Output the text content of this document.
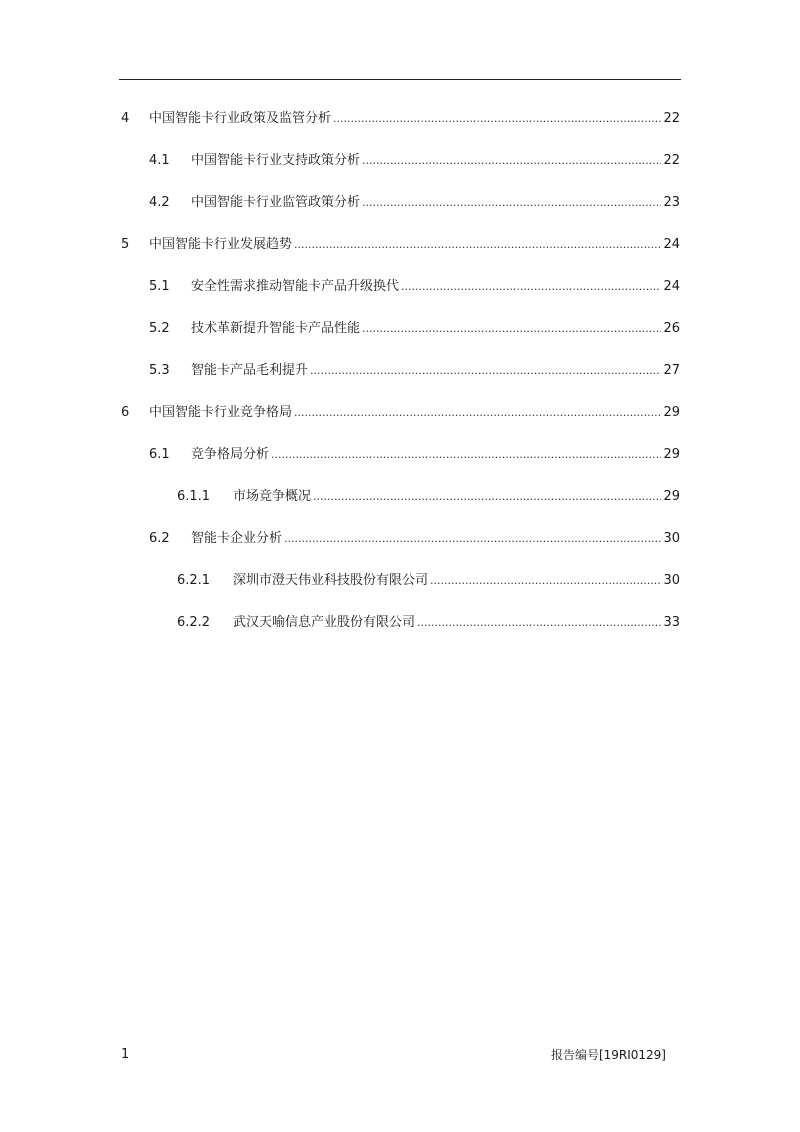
4 中国智能卡行业政策及监管分析 .....	22
4.1 中国智能卡行业支持政策分析 .....	22
4.2 中国智能卡行业监管政策分析 .....	23
5 中国智能卡行业发展趋势 .....	24
5.1 安全性需求推动智能卡产品升级换代 .....	24
5.2 技术革新提升智能卡产品性能 .....	26
5.3 智能卡产品毛利提升 .....	27
6 中国智能卡行业竞争格局 .....	29
6.1 竞争格局分析 .....	29
6.1.1 市场竞争概况 .....	29
6.2 智能卡企业分析 .....	30
6.2.1 深圳市澄天伟业科技股份有限公司 .....	30
6.2.2 武汉天喻信息产业股份有限公司 .....	33
1	报告编号[19RI0129]
